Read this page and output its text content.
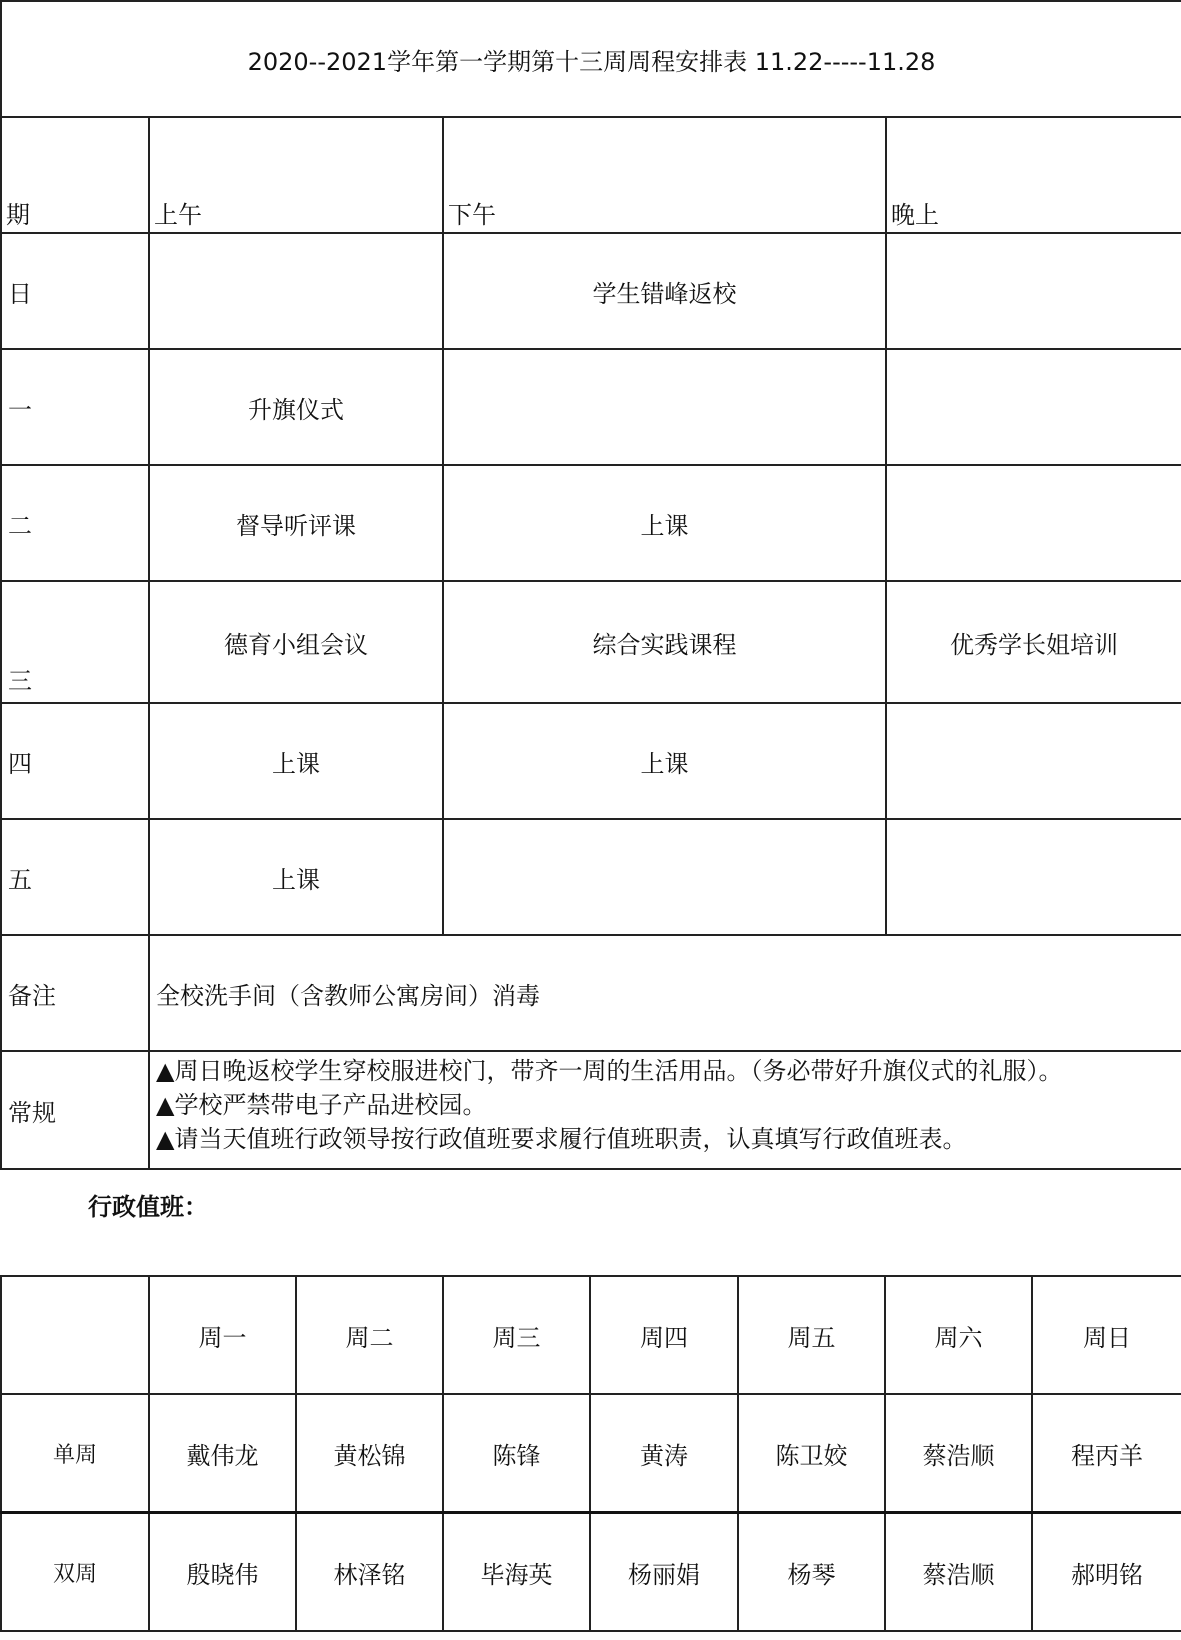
2020--2021学年第一学期第十三周周程安排表 11.22-----11.28			

期	上午	下午	晚上

日		学生错峰返校	
一	升旗仪式		
二	督导听评课	上课	
三	德育小组会议	综合实践课程	优秀学长姐培训
四	上课	上课	
五	上课		
备注	全校洗手间（含教师公寓房间）消毒		
常规	▲周日晚返校学生穿校服进校门，带齐一周的生活用品。（务必带好升旗仪式的礼服）。
▲学校严禁带电子产品进校园。
▲请当天值班行政领导按行政值班要求履行值班职责，认真填写行政值班表。		
行政值班：
	周一	周二	周三	周四	周五	周六	周日
单周	戴伟龙	黄松锦	陈锋	黄涛	陈卫姣	蔡浩顺	程丙羊
双周	殷晓伟	林泽铭	毕海英	杨丽娟	杨琴	蔡浩顺	郝明铭
